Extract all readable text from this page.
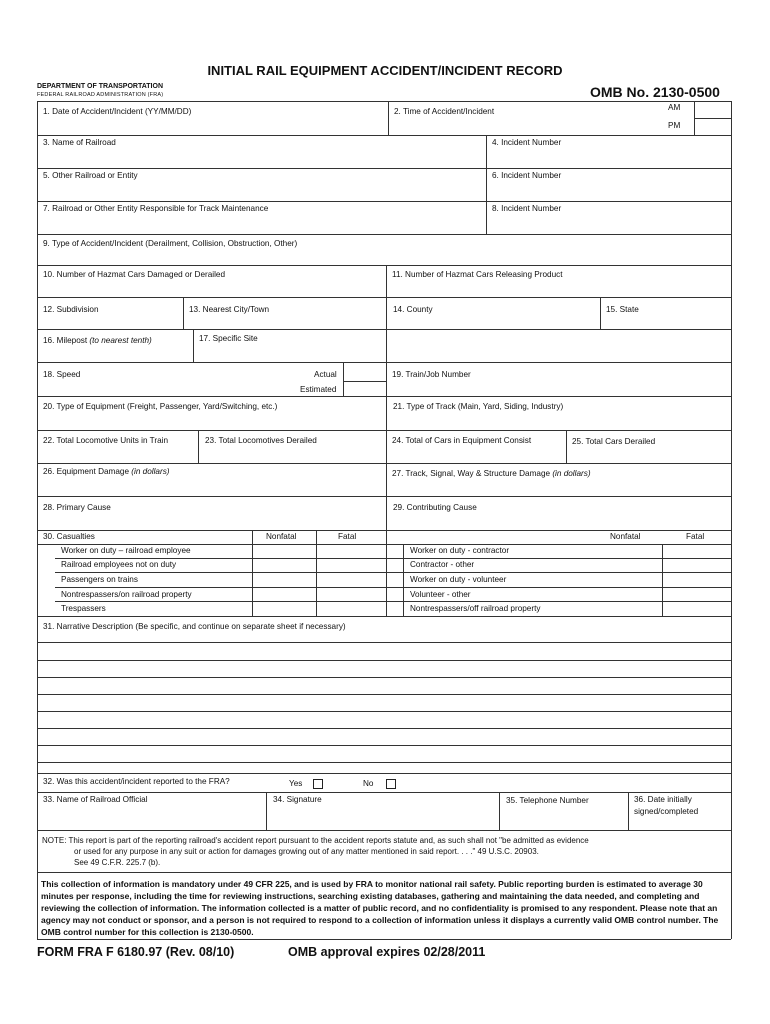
INITIAL RAIL EQUIPMENT ACCIDENT/INCIDENT RECORD
DEPARTMENT OF TRANSPORTATION
FEDERAL RAILROAD ADMINISTRATION (FRA)	OMB No. 2130-0500
1. Date of Accident/Incident (YY/MM/DD)	2. Time of Accident/Incident	AM
PM
3. Name of Railroad	4. Incident Number
5. Other Railroad or Entity	6. Incident Number
7. Railroad or Other Entity Responsible for Track Maintenance	8. Incident Number
9. Type of Accident/Incident (Derailment, Collision, Obstruction, Other)
10. Number of Hazmat Cars Damaged or Derailed	11. Number of Hazmat Cars Releasing Product
12. Subdivision	13. Nearest City/Town	14. County	15. State
16. Milepost (to nearest tenth)	17. Specific Site
18. Speed	Actual
Estimated
19. Train/Job Number
20. Type of Equipment (Freight, Passenger, Yard/Switching, etc.)	21. Type of Track (Main, Yard, Siding, Industry)
22. Total Locomotive Units in Train	23. Total Locomotives Derailed	24. Total of Cars in Equipment Consist	25. Total Cars Derailed
26. Equipment Damage (in dollars)	27. Track, Signal, Way & Structure Damage (in dollars)
28. Primary Cause	29. Contributing Cause
30. Casualties	Nonfatal	Fatal	Nonfatal	Fatal
Worker on duty – railroad employee
Railroad employees not on duty
Passengers on trains
Nontrespassers/on railroad property
Trespassers
Worker on duty - contractor
Contractor - other
Worker on duty - volunteer
Volunteer - other
Nontrespassers/off railroad property
31. Narrative Description (Be specific, and continue on separate sheet if necessary)
32. Was this accident/incident reported to the FRA?	Yes	No
33. Name of Railroad Official	34. Signature	35. Telephone Number	36. Date initially
signed/completed
NOTE: This report is part of the reporting railroad's accident report pursuant to the accident reports statute and, as such shall not "be admitted as evidence
or used for any purpose in any suit or action for damages growing out of any matter mentioned in said report. . . ." 49 U.S.C. 20903.
See 49 C.F.R. 225.7 (b).
This collection of information is mandatory under 49 CFR 225, and is used by FRA to monitor national rail safety. Public reporting burden is estimated to average 30 minutes per response, including the time for reviewing instructions, searching existing databases, gathering and maintaining the data needed, and completing and reviewing the collection of information. The information collected is a matter of public record, and no confidentiality is promised to any respondent. Please note that an agency may not conduct or sponsor, and a person is not required to respond to a collection of information unless it displays a currently valid OMB control number. The OMB control number for this collection is 2130-0500.
FORM FRA F 6180.97 (Rev. 08/10)	OMB approval expires 02/28/2011
